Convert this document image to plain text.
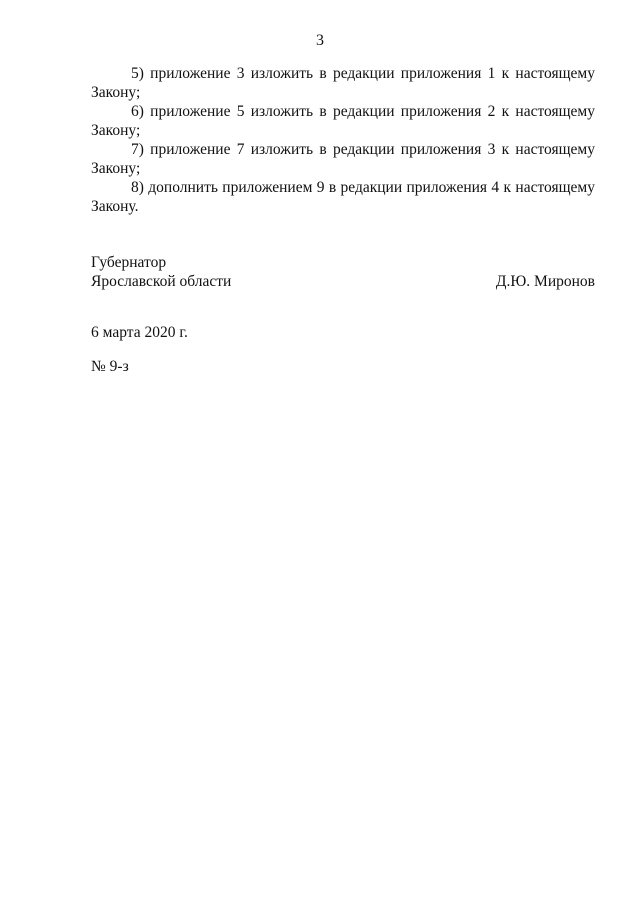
3

5) приложение 3 изложить в редакции приложения 1 к настоящему Закону;

6) приложение 5 изложить в редакции приложения 2 к настоящему Закону;

7) приложение 7 изложить в редакции приложения 3 к настоящему Закону;

8) дополнить приложением 9 в редакции приложения 4 к настоящему Закону.

Губернатор
Ярославской области	Д.Ю. Миронов
6 марта 2020 г.
№ 9-з
